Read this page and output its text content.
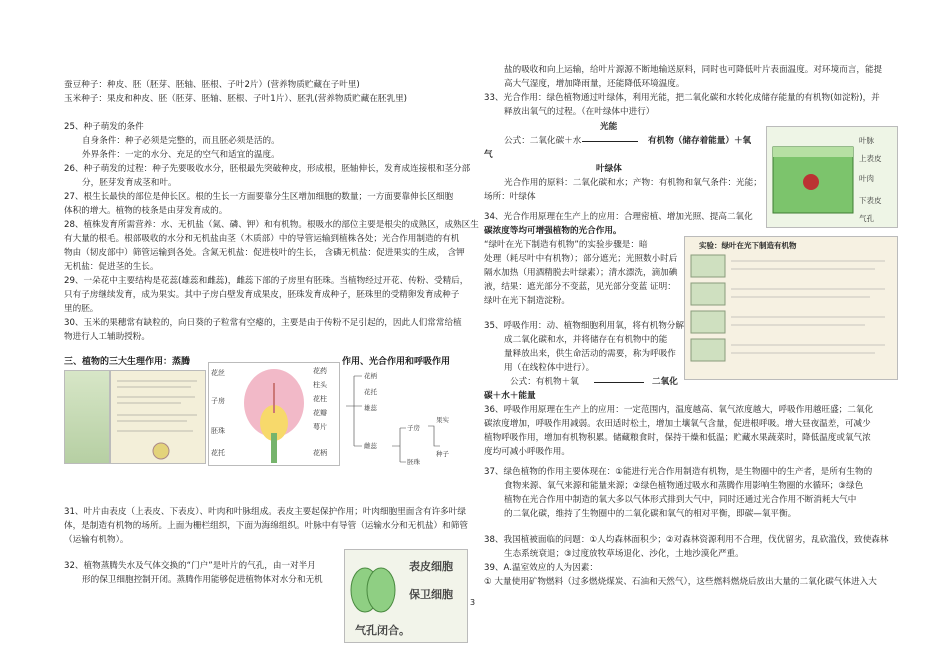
蚕豆种子：种皮、胚（胚芽、胚轴、胚根、子叶2片）(营养物质贮藏在子叶里)
玉米种子：果皮和种皮、胚（胚芽、胚轴、胚根、子叶1片）、胚乳(营养物质贮藏在胚乳里)
25、种子萌发的条件
自身条件：种子必须是完整的，而且胚必须是活的。
外界条件：一定的水分、充足的空气和适宜的温度。
26、种子萌发的过程：种子先要吸收水分，胚根最先突破种皮，形成根，胚轴伸长，发育成连接根和茎分部
分，胚芽发育成茎和叶。
27、根生长最快的部位是伸长区。根的生长一方面要靠分生区增加细胞的数量；一方面要靠伸长区细胞
体积的增大。植物的枝条是由芽发育成的。
28、植株发育所需营养：水、无机盐（氮、磷、钾）和有机物。根吸水的部位主要是根尖的成熟区，成熟区生
有大量的根毛。根部吸收的水分和无机盐由茎（木质部）中的导管运输到植株各处；光合作用制造的有机
物由（韧皮部中）筛管运输到各处。含氮无机盐：促进枝叶的生长， 含磷无机盐：促进果实的生成， 含钾
无机盐：促进茎的生长。
29、一朵花中主要结构是花蕊(雄蕊和雌蕊)，雌蕊下部的子房里有胚珠。当植物经过开花、传粉、受精后，
只有子房继续发育，成为果实。其中子房白壁发育成果皮，胚珠发育成种子，胚珠里的受精卵发育成种子
里的胚。
30、玉米的果穗常有缺粒的，向日葵的子粒常有空瘪的，主要是由于传粉不足引起的，因此人们常常给植
物进行人工辅助授粉。
三、植物的三大生理作用：蒸腾	作用、光合作用和呼吸作用
花丝
子房
胚珠
花托
花药
柱头
花柱
花瓣
萼片
花柄
花柄
花托
雄蕊
雌蕊
子房
胚珠
果实
种子
31、叶片由表皮（上表皮、下表皮）、叶肉和叶脉组成。表皮主要起保护作用；叶肉细胞里面含有许多叶绿
体，是制造有机物的场所。上面为栅栏组织，下面为海绵组织。叶脉中有导管（运输水分和无机盐）和筛管
（运输有机物）。
32、植物蒸腾失水及气体交换的“门户”是叶片的气孔，由一对半月
形的保卫细胞控制开闭。蒸腾作用能够促进植物体对水分和无机
表皮细胞
保卫细胞
气孔闭合。
盐的吸收和向上运输，给叶片源源不断地输送原料，同时也可降低叶片表面温度。对环境而言，能提
高大气湿度，增加降雨量，还能降低环境温度。
33、光合作用：绿色植物通过叶绿体，利用光能，把二氧化碳和水转化成储存能量的有机物(如淀粉)，并
释放出氧气的过程。（在叶绿体中进行）
光能
公式：二氧化碳＋水	有机物（储存着能量）＋氧
气
叶绿体
光合作用的原料：二氧化碳和水；产物：有机物和氧气条件：光能；
场所：叶绿体
叶脉
上表皮
叶肉
下表皮
气孔
34、光合作用原理在生产上的应用：合理密植、增加光照、提高二氧化
碳浓度等均可增强植物的光合作用。
“绿叶在光下制造有机物”的实验步骤是：暗
处理（耗尽叶中有机物）；部分遮光；光照数小时后
隔水加热（用酒精脱去叶绿素）；清水漂洗，滴加碘
液，结果：遮光部分不变蓝，见光部分变蓝 证明：
绿叶在光下制造淀粉。
实验：绿叶在光下制造有机物
35、呼吸作用：动、植物细胞利用氧，将有机物分解
成二氧化碳和水，并将储存在有机物中的能
量释放出来，供生命活动的需要，称为呼吸作
用（在线粒体中进行）。
公式：有机物＋氧	二氧化
碳＋水＋能量
36、呼吸作用原理在生产上的应用：一定范围内，温度越高、氧气浓度越大，呼吸作用越旺盛；二氧化
碳浓度增加，呼吸作用减弱。农田适时松土，增加土壤氧气含量，促进根呼吸。增大昼夜温差，可减少
植物呼吸作用，增加有机物积累。储藏粮食时，保持干燥和低温；贮藏水果蔬菜时，降低温度或氧气浓
度均可减小呼吸作用。
37、绿色植物的作用主要体现在：①能进行光合作用制造有机物，是生物圈中的生产者，是所有生物的
食物来源、氧气来源和能量来源；②绿色植物通过吸水和蒸腾作用影响生物圈的水循环；③绿色
植物在光合作用中制造的氧大多以气体形式排到大气中，同时还通过光合作用不断消耗大气中
的二氧化碳，维持了生物圈中的二氧化碳和氧气的相对平衡，即碳—氧平衡。
38、我国植被面临的问题：①人均森林面积少；②对森林资源利用不合理，伐优留劣，乱砍滥伐，致使森林
生态系统衰退；③过度放牧草场退化、沙化，土地沙漠化严重。
39、A.温室效应的人为因素：
① 大量使用矿物燃料（过多燃烧煤炭、石油和天然气），这些燃料燃烧后放出大量的二氧化碳气体进入大
3
